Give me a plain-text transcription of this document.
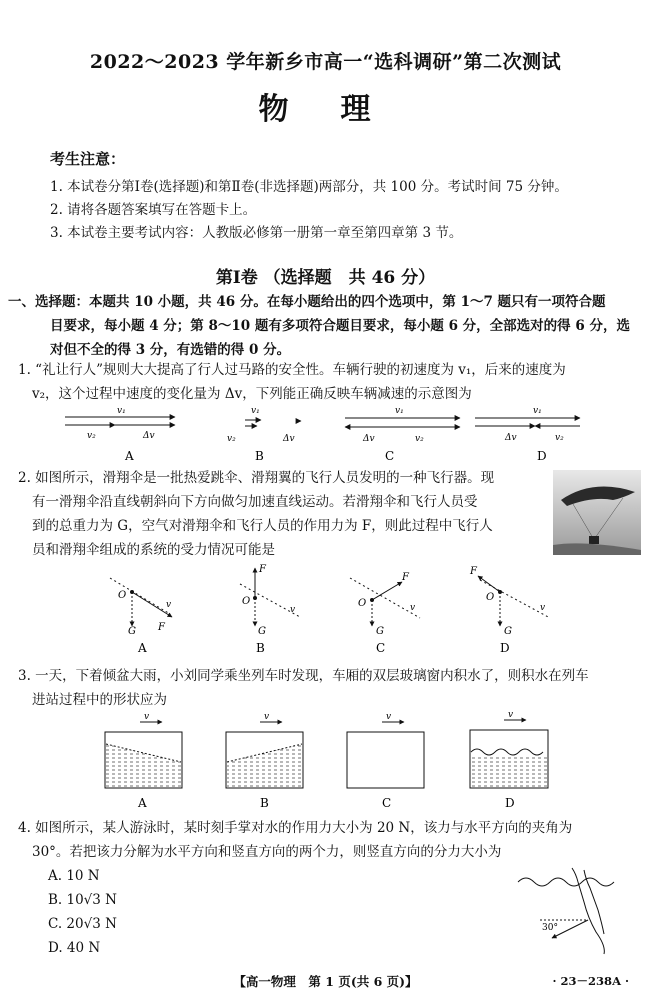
2022～2023 学年新乡市高一“选科调研”第二次测试
物理
考生注意：
1. 本试卷分第Ⅰ卷(选择题)和第Ⅱ卷(非选择题)两部分，共 100 分。考试时间 75 分钟。
2. 请将各题答案填写在答题卡上。
3. 本试卷主要考试内容：人教版必修第一册第一章至第四章第 3 节。
第Ⅰ卷 （选择题　共 46 分）
一、选择题：本题共 10 小题，共 46 分。在每小题给出的四个选项中，第 1～7 题只有一项符合题
目要求，每小题 4 分；第 8～10 题有多项符合题目要求，每小题 6 分，全部选对的得 6 分，选
对但不全的得 3 分，有选错的得 0 分。
1. “礼让行人”规则大大提高了行人过马路的安全性。车辆行驶的初速度为 v₁，后来的速度为
v₂，这个过程中速度的变化量为 Δv，下列能正确反映车辆减速的示意图为
v₁
v₂	Δv
v₁
v₂	Δv
v₁
Δv	v₂
v₁
Δv	v₂
A	B	C	D
2. 如图所示，滑翔伞是一批热爱跳伞、滑翔翼的飞行人员发明的一种飞行器。现
有一滑翔伞沿直线朝斜向下方向做匀加速直线运动。若滑翔伞和飞行人员受
到的总重力为 G，空气对滑翔伞和飞行人员的作用力为 F，则此过程中飞行人
员和滑翔伞组成的系统的受力情况可能是
O
v
F
G
O
F
v
G
O
F
v
G
F
O
v
G
A	B	C	D
3. 一天，下着倾盆大雨，小刘同学乘坐列车时发现，车厢的双层玻璃窗内积水了，则积水在列车
进站过程中的形状应为
v	v	v	v
A	B	C	D
4. 如图所示，某人游泳时，某时刻手掌对水的作用力大小为 20 N，该力与水平方向的夹角为
30°。若把该力分解为水平方向和竖直方向的两个力，则竖直方向的分力大小为
A. 10 N
B. 10√3 N
C. 20√3 N
D. 40 N
30°
【高一物理　第 1 页(共 6 页)】	· 23－238A ·
